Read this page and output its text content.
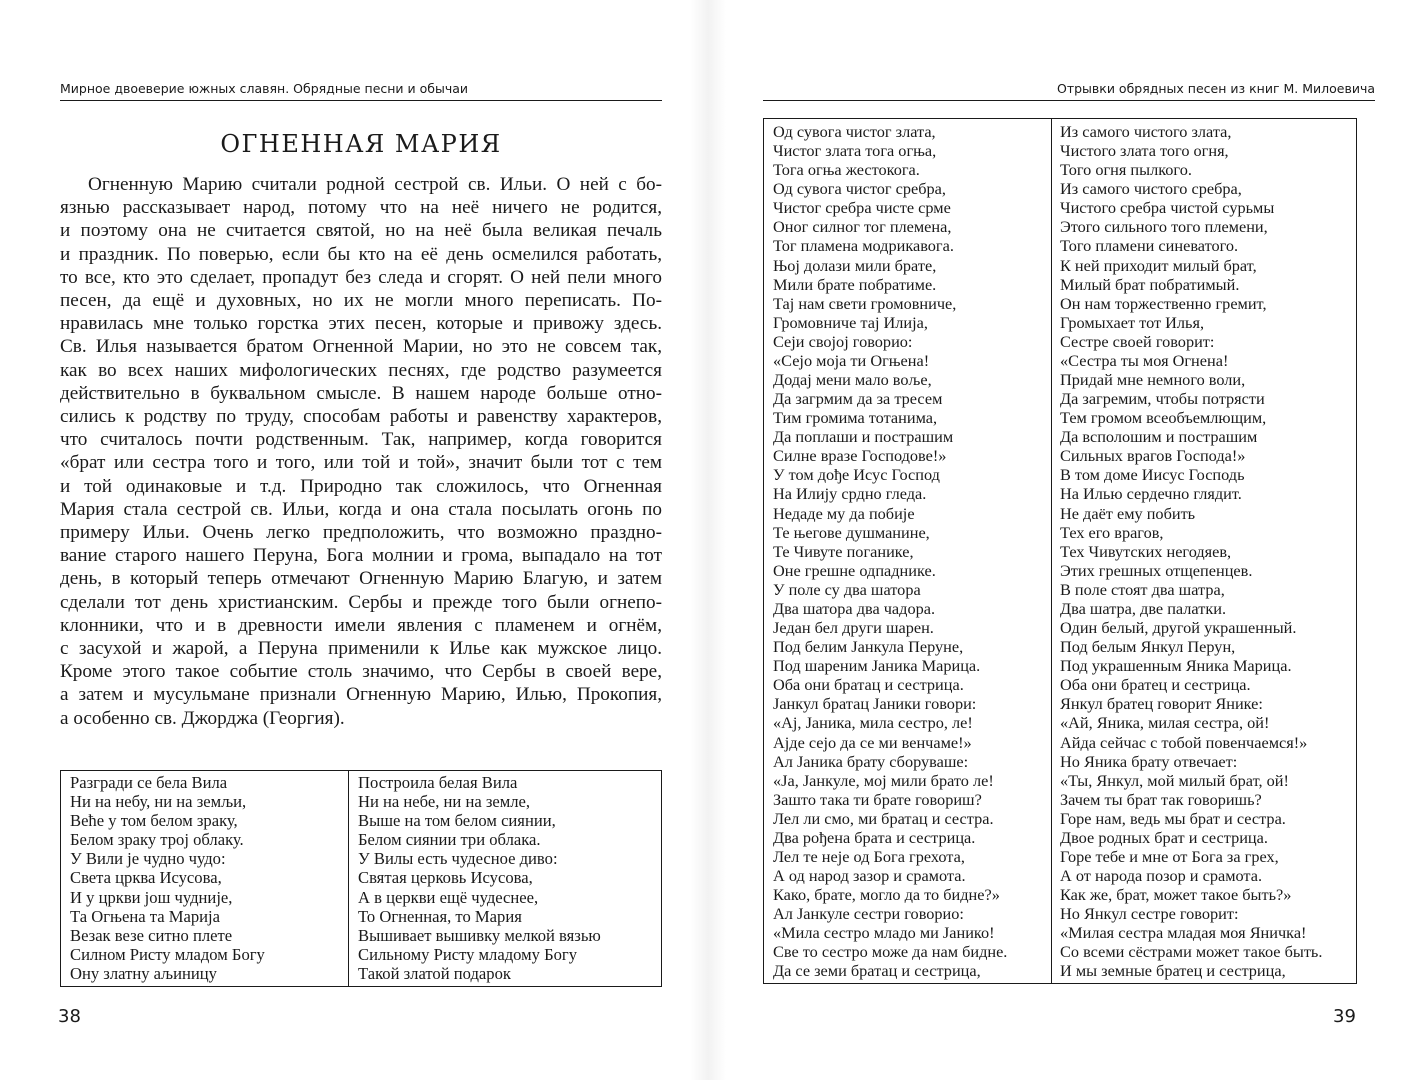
Мирное двоеверие южных славян. Обрядные песни и обычаи
ОГНЕННАЯ МАРИЯ

Огненную Марию считали родной сестрой св. Ильи. О ней с бо-
язнью рассказывает народ, потому что на неё ничего не родится,
и поэтому она не считается святой, но на неё была великая печаль
и праздник. По поверью, если бы кто на её день осмелился работать,
то все, кто это сделает, пропадут без следа и сгорят. О ней пели много
песен, да ещё и духовных, но их не могли много переписать. По-
нравилась мне только горстка этих песен, которые и привожу здесь.
Св. Илья называется братом Огненной Марии, но это не совсем так,
как во всех наших мифологических песнях, где родство разумеется
действительно в буквальном смысле. В нашем народе больше отно-
сились к родству по труду, способам работы и равенству характеров,
что считалось почти родственным. Так, например, когда говорится
«брат или сестра того и того, или той и той», значит были тот с тем
и той одинаковые и т.д. Природно так сложилось, что Огненная
Мария стала сестрой св. Ильи, когда и она стала посылать огонь по
примеру Ильи. Очень легко предположить, что возможно праздно-
вание старого нашего Перуна, Бога молнии и грома, выпадало на тот
день, в который теперь отмечают Огненную Марию Благую, и затем
сделали тот день христианским. Сербы и прежде того были огнепо-
клонники, что и в древности имели явления с пламенем и огнём,
с засухой и жарой, а Перуна применили к Илье как мужское лицо.
Кроме этого такое событие столь значимо, что Сербы в своей вере,
а затем и мусульмане признали Огненную Марию, Илью, Прокопия,
а особенно св. Джорджа (Георгия).

Разгради се бела Вила
Ни на небу, ни на земљи,
Веће у том белом зраку,
Белом зраку трој облаку.
У Вили је чудно чудо:
Света црква Исусова,
И у цркви још чудније,
Та Огњена та Марија
Везак везе ситно плете
Силном Ристу младом Богу
Ону златну аљиницу
Построила белая Вила
Ни на небе, ни на земле,
Выше на том белом сиянии,
Белом сиянии три облака.
У Вилы есть чудесное диво:
Святая церковь Исусова,
А в церкви ещё чудеснее,
То Огненная, то Мария
Вышивает вышивку мелкой вязью
Сильному Ристу младому Богу
Такой златой подарок
38
Отрывки обрядных песен из книг М. Милоевича
Од сувога чистог злата,
Чистог злата тога огња,
Тога огња жестокога.
Од сувога чистог сребра,
Чистог сребра чисте срме
Оног силног тог племена,
Тог пламена модрикавога.
Њој долази мили брате,
Мили брате побратиме.
Тај нам свети громовниче,
Громовниче тај Илија,
Сеји својој говорио:
«Сејо моја ти Огњена!
Додај мени мало воље,
Да загрмим да за тресем
Тим громима тотанима,
Да поплаши и пострашим
Силне вразе Господове!»
У том дође Исус Господ
На Илију срдно гледа.
Недаде му да побије
Те његове душманине,
Те Чивуте поганике,
Оне грешне одпаднике.
У поле су два шатора
Два шатора два чадора.
Један бел други шарен.
Под белим Јанкула Перуне,
Под шареним Јаника Марица.
Оба они братац и сестрица.
Јанкул братац Јаники говори:
«Ај, Јаника, мила сестро, ле!
Ајде сејо да се ми венчаме!»
Ал Јаника брату сборуваше:
«Ја, Јанкуле, мој мили брато ле!
Зашто така ти брате говориш?
Лел ли смо, ми братац и сестра.
Два рођена брата и сестрица.
Лел те неје од Бога грехота,
А од народ зазор и срамота.
Како, брате, могло да то бидне?»
Ал Јанкуле сестри говорио:
«Мила сестро младо ми Јанико!
Све то сестро може да нам бидне.
Да се земи братац и сестрица,
Из самого чистого злата,
Чистого злата того огня,
Того огня пылкого.
Из самого чистого сребра,
Чистого сребра чистой сурьмы
Этого сильного того племени,
Того пламени синеватого.
К ней приходит милый брат,
Милый брат побратимый.
Он нам торжественно гремит,
Громыхает тот Илья,
Сестре своей говорит:
«Сестра ты моя Огнена!
Придай мне немного воли,
Да загремим, чтобы потрясти
Тем громом всеобъемлющим,
Да всполошим и пострашим
Сильных врагов Господа!»
В том доме Иисус Господь
На Илью сердечно глядит.
Не даёт ему побить
Тех его врагов,
Тех Чивутских негодяев,
Этих грешных отщепенцев.
В поле стоят два шатра,
Два шатра, две палатки.
Один белый, другой украшенный.
Под белым Янкул Перун,
Под украшенным Яника Марица.
Оба они братец и сестрица.
Янкул братец говорит Янике:
«Ай, Яника, милая сестра, ой!
Айда сейчас с тобой повенчаемся!»
Но Яника брату отвечает:
«Ты, Янкул, мой милый брат, ой!
Зачем ты брат так говоришь?
Горе нам, ведь мы брат и сестра.
Двое родных брат и сестрица.
Горе тебе и мне от Бога за грех,
А от народа позор и срамота.
Как же, брат, может такое быть?»
Но Янкул сестре говорит:
«Милая сестра младая моя Яничка!
Со всеми сёстрами может такое быть.
И мы земные братец и сестрица,
39
